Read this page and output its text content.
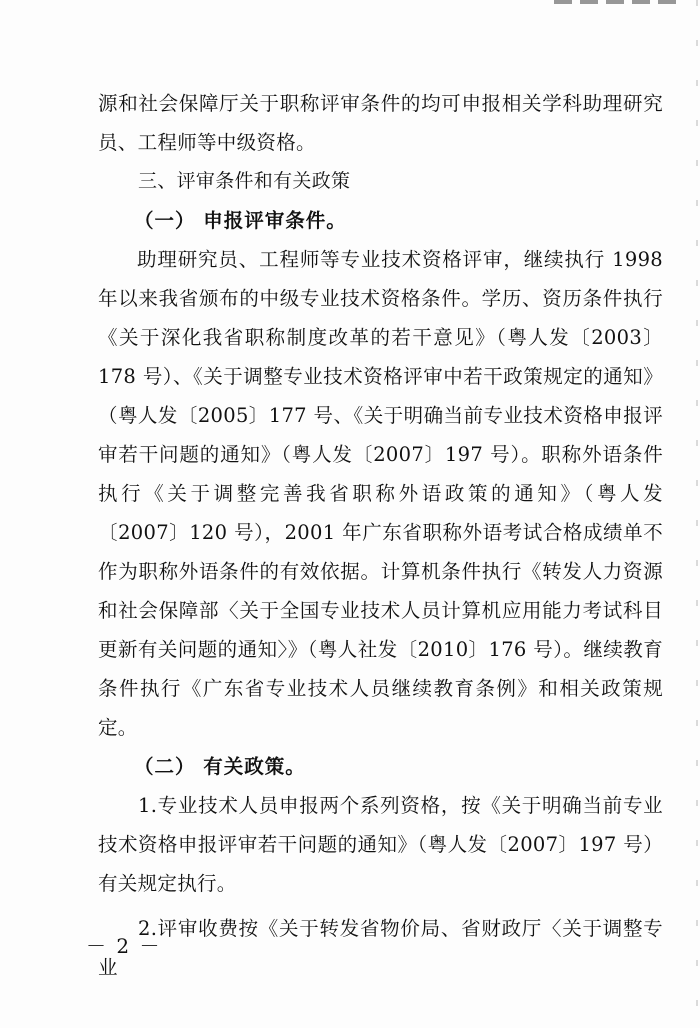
源和社会保障厅关于职称评审条件的均可申报相关学科助理研究员、工程师等中级资格。

三、评审条件和有关政策

（一） 申报评审条件。

助理研究员、工程师等专业技术资格评审，继续执行 1998 年以来我省颁布的中级专业技术资格条件。学历、资历条件执行《关于深化我省职称制度改革的若干意见》（粤人发〔2003〕178 号）、《关于调整专业技术资格评审中若干政策规定的通知》（粤人发〔2005〕177 号、《关于明确当前专业技术资格申报评审若干问题的通知》（粤人发〔2007〕197 号）。职称外语条件执行《关于调整完善我省职称外语政策的通知》（粤人发〔2007〕120 号），2001 年广东省职称外语考试合格成绩单不作为职称外语条件的有效依据。计算机条件执行《转发人力资源和社会保障部〈关于全国专业技术人员计算机应用能力考试科目更新有关问题的通知〉》（粤人社发〔2010〕176 号）。继续教育条件执行《广东省专业技术人员继续教育条例》和相关政策规定。

（二） 有关政策。

1.专业技术人员申报两个系列资格，按《关于明确当前专业技术资格申报评审若干问题的通知》（粤人发〔2007〕197 号）有关规定执行。

2.评审收费按《关于转发省物价局、省财政厅〈关于调整专业

－ 2 －
